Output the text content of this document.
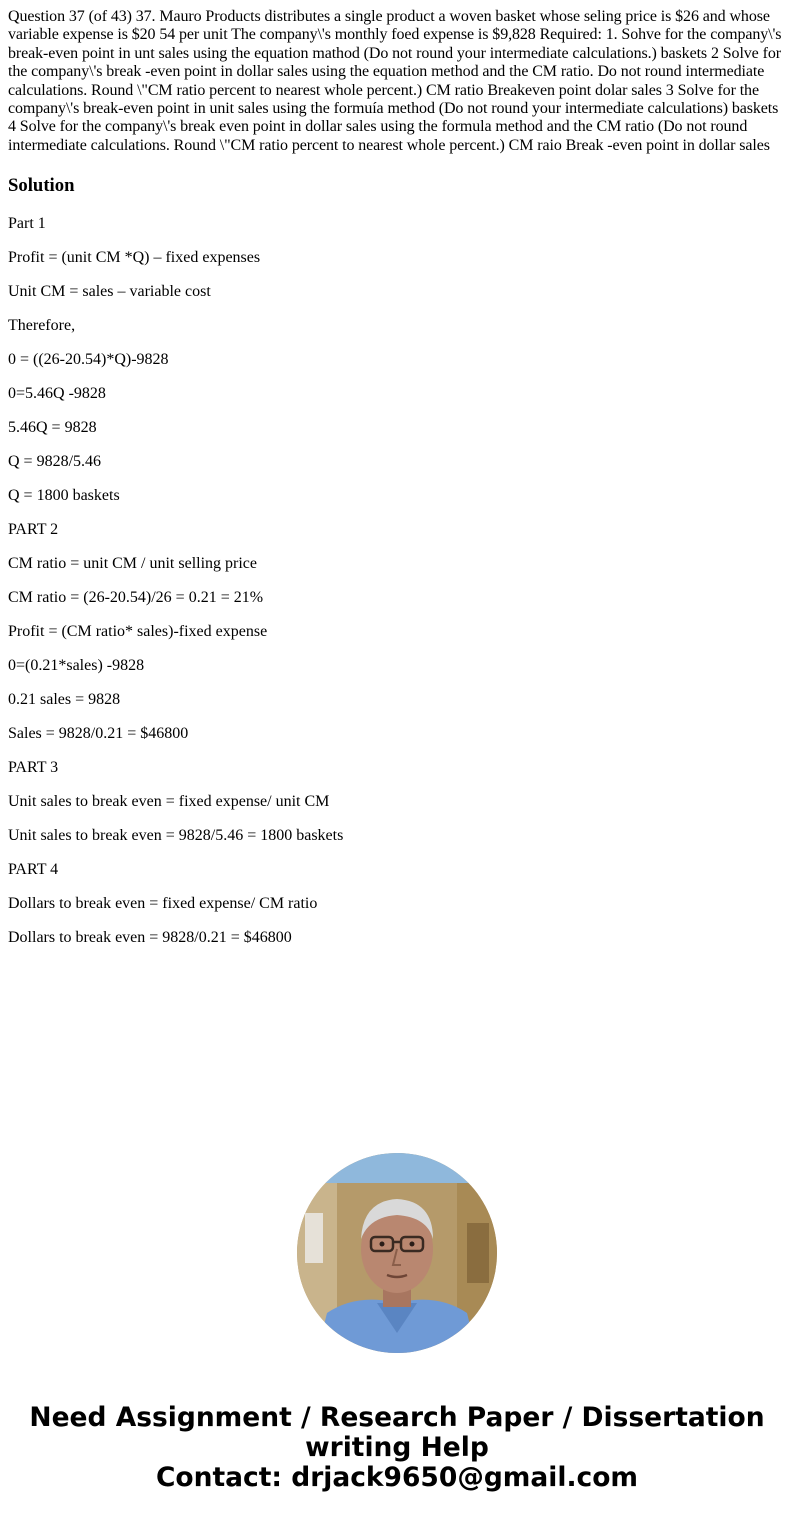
Question 37 (of 43) 37. Mauro Products distributes a single product a woven basket whose seling price is $26 and whose variable expense is $20 54 per unit The company\'s monthly foed expense is $9,828 Required: 1. Sohve for the company\'s break-even point in unt sales using the equation mathod (Do not round your intermediate calculations.) baskets 2 Solve for the company\'s break -even point in dollar sales using the equation method and the CM ratio. Do not round intermediate calculations. Round \"CM ratio percent to nearest whole percent.) CM ratio Breakeven point dolar sales 3 Solve for the company\'s break-even point in unit sales using the formuía method (Do not round your intermediate calculations) baskets 4 Solve for the company\'s break even point in dollar sales using the formula method and the CM ratio (Do not round intermediate calculations. Round \"CM ratio percent to nearest whole percent.) CM raio Break -even point in dollar sales
Solution

Part 1

Profit = (unit CM *Q) – fixed expenses

Unit CM = sales – variable cost

Therefore,

0 = ((26-20.54)*Q)-9828

0=5.46Q -9828

5.46Q = 9828

Q = 9828/5.46

Q = 1800 baskets

PART 2

CM ratio = unit CM / unit selling price

CM ratio = (26-20.54)/26 = 0.21 = 21%

Profit = (CM ratio* sales)-fixed expense

0=(0.21*sales) -9828

0.21 sales = 9828

Sales = 9828/0.21 = $46800

PART 3

Unit sales to break even = fixed expense/ unit CM

Unit sales to break even = 9828/5.46 = 1800 baskets

PART 4

Dollars to break even = fixed expense/ CM ratio

Dollars to break even = 9828/0.21 = $46800

Need Assignment / Research Paper / Dissertation
writing Help
Contact: drjack9650@gmail.com
